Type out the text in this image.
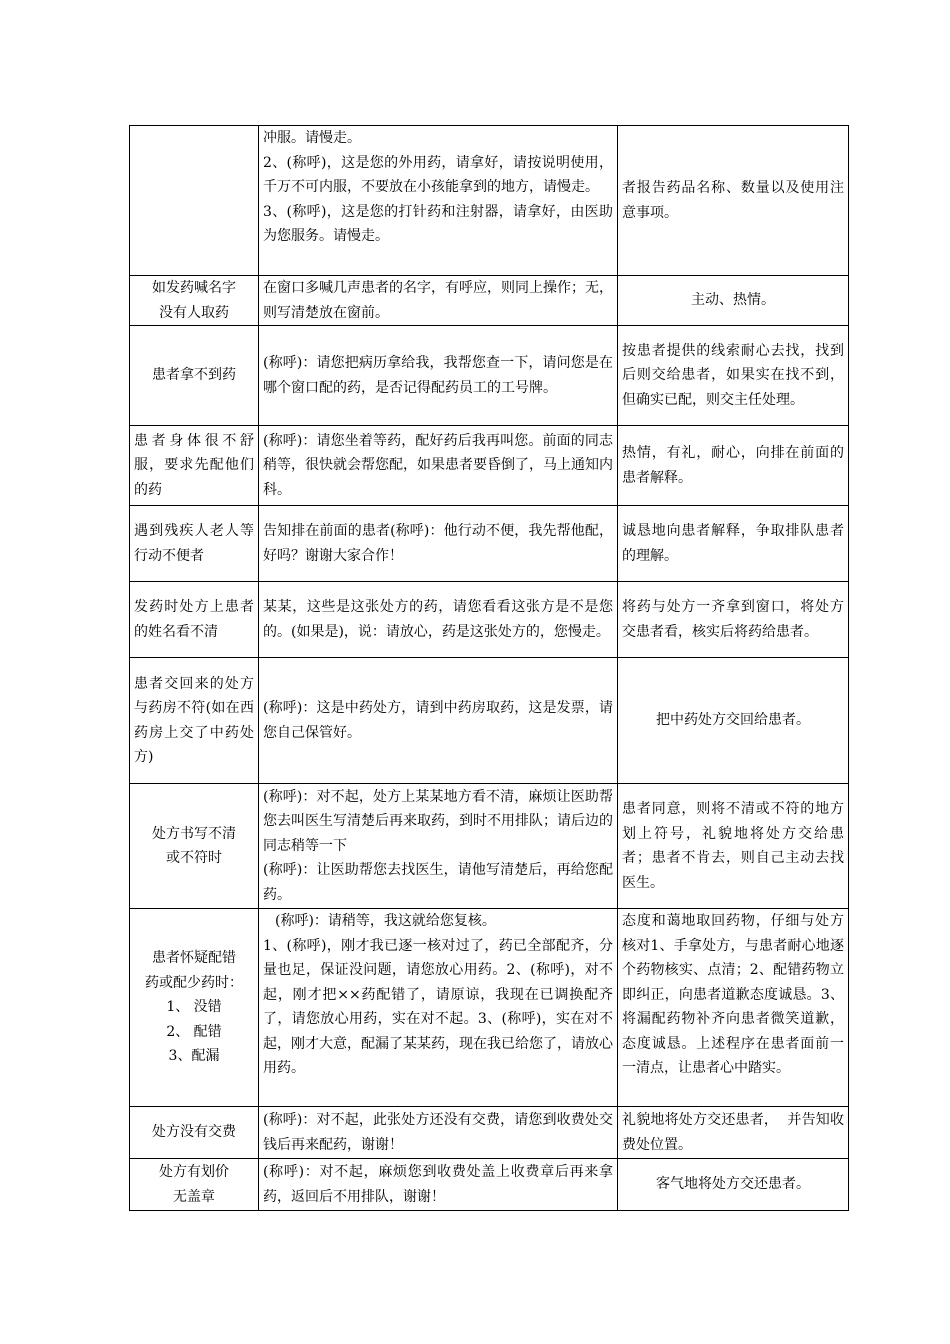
	冲服。请慢走。
2、(称呼)，这是您的外用药，请拿好，请按说明使用，千万不可内服，不要放在小孩能拿到的地方，请慢走。
3、(称呼)，这是您的打针药和注射器，请拿好，由医助为您服务。请慢走。	者报告药品名称、数量以及使用注意事项。

如发药喊名字
没有人取药	在窗口多喊几声患者的名字，有呼应，则同上操作；无，则写清楚放在窗前。	主动、热情。

患者拿不到药	(称呼)：请您把病历拿给我，我帮您查一下，请问您是在哪个窗口配的药，是否记得配药员工的工号牌。	按患者提供的线索耐心去找，找到后则交给患者，如果实在找不到，但确实已配，则交主任处理。

患者身体很不舒服，要求先配他们的药	(称呼)：请您坐着等药，配好药后我再叫您。前面的同志稍等，很快就会帮您配，如果患者要昏倒了，马上通知内科。	热情，有礼，耐心，向排在前面的患者解释。

遇到残疾人老人等行动不便者	告知排在前面的患者(称呼)：他行动不便，我先帮他配，好吗？谢谢大家合作！	诚恳地向患者解释，争取排队患者的理解。

发药时处方上患者的姓名看不清	某某，这些是这张处方的药，请您看看这张方是不是您的。(如果是)，说：请放心，药是这张处方的，您慢走。	将药与处方一齐拿到窗口，将处方交患者看，核实后将药给患者。

患者交回来的处方与药房不符(如在西药房上交了中药处方)	(称呼)：这是中药处方，请到中药房取药，这是发票，请您自己保管好。	把中药处方交回给患者。

处方书写不清
或不符时	(称呼)：对不起，处方上某某地方看不清，麻烦让医助帮您去叫医生写清楚后再来取药，到时不用排队；请后边的同志稍等一下
(称呼)：让医助帮您去找医生，请他写清楚后，再给您配药。	患者同意，则将不清或不符的地方划上符号，礼貌地将处方交给患者；患者不肯去，则自己主动去找医生。

患者怀疑配错
药或配少药时：
1、 没错
2、 配错
3、配漏	(称呼)：请稍等，我这就给您复核。
1、(称呼)，刚才我已逐一核对过了，药已全部配齐，分量也足，保证没问题，请您放心用药。2、(称呼)，对不起，刚才把××药配错了，请原谅，我现在已调换配齐了，请您放心用药，实在对不起。3、(称呼)，实在对不起，刚才大意，配漏了某某药，现在我已给您了，请放心用药。	态度和蔼地取回药物，仔细与处方核对1、手拿处方，与患者耐心地逐个药物核实、点清；2、配错药物立即纠正，向患者道歉态度诚恳。3、将漏配药物补齐向患者微笑道歉，态度诚恳。上述程序在患者面前一一清点，让患者心中踏实。

处方没有交费	(称呼)：对不起，此张处方还没有交费，请您到收费处交钱后再来配药，谢谢！	礼貌地将处方交还患者，  并告知收费处位置。

处方有划价
无盖章	(称呼)：对不起，麻烦您到收费处盖上收费章后再来拿药，返回后不用排队，谢谢！	客气地将处方交还患者。
